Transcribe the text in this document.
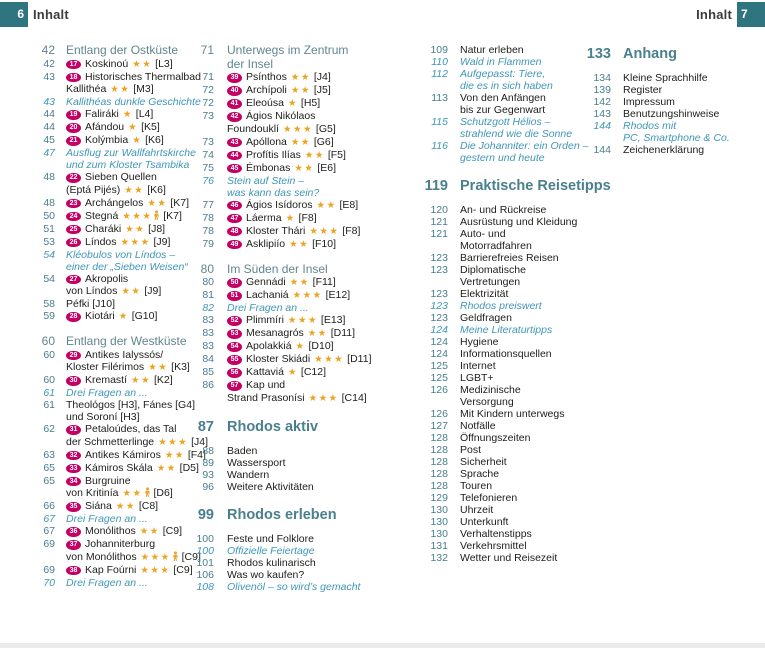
6 Inhalt	Inhalt 7
42 Entlang der Ostküste
42	17 Koskinoú ★★ [L3]
43	18 Historisches Thermalbad
Kallithéa ★★ [M3]
43 Kallithéas dunkle Geschichte
44	19 Faliráki ★ [L4]
44	20 Afándou ★ [K5]
45	21 Kolýmbia ★ [K6]
47 Ausflug zur Wallfahrtskirche
und zum Kloster Tsambika
48	22 Sieben Quellen
(Eptá Pijés) ★★ [K6]
48	23 Archángelos ★★ [K7]
50	24 Stegná ★★★ [K7]
51	25 Charáki ★★ [J8]
53	26 Líndos ★★★ [J9]
54 Kléobulos von Líndos –
einer der „Sieben Weisen“
54	27 Akropolis
von Líndos ★★ [J9]
58 Péfki [J10]
59	28 Kiotári ★ [G10]
60 Entlang der Westküste
60	29 Antikes Ialyssós/
Kloster Filérimos ★★ [K3]
60	30 Kremastí ★★ [K2]
61 Drei Fragen an ...
61 Theológos [H3], Fánes [G4]
und Soroní [H3]
62	31 Petaloúdes, das Tal
der Schmetterlinge ★★★ [J4]
63	32 Antikes Kámiros ★★ [F4]
65	33 Kámiros Skála ★★ [D5]
65	34 Burgruine
von Kritinía ★★ [D6]
66	35 Siána ★★ [C8]
67 Drei Fragen an ...
67	36 Monólithos ★★ [C9]
69	37 Johanniterburg
von Monólithos ★★★ [C9]
69	38 Kap Foúrni ★★★ [C9]
70 Drei Fragen an ...
71 Unterwegs im Zentrum
der Insel
71	39 Psínthos ★★ [J4]
72	40 Archípoli ★★ [J5]
72	41 Eleoúsa ★ [H5]
73	42 Ágios Nikólaos
Foundouklí ★★★ [G5]
73	43 Apóllona ★★ [G6]
74	44 Profítis Ilías ★★ [F5]
75	45 Émbonas ★★ [E6]
76 Stein auf Stein –
was kann das sein?
77	46 Ágios Isídoros ★★ [E8]
78	47 Láerma ★ [F8]
78	48 Kloster Thári ★★★ [F8]
79	49 Asklipiío ★★ [F10]
80 Im Süden der Insel
80	50 Gennádi ★★ [F11]
81	51 Lachaniá ★★★ [E12]
82 Drei Fragen an ...
83	52 Plimmíri ★★★ [E13]
83	53 Mesanagrós ★★ [D11]
83	54 Apolakkiá ★ [D10]
84	55 Kloster Skiádi ★★★ [D11]
85	56 Kattaviá ★ [C12]
86	57 Kap und
Strand Prasonísi ★★★ [C14]
87 Rhodos aktiv
88 Baden
89 Wassersport
93 Wandern
96 Weitere Aktivitäten
99 Rhodos erleben
100 Feste und Folklore
100 Offizielle Feiertage
101 Rhodos kulinarisch
106 Was wo kaufen?
108 Olivenöl – so wird’s gemacht
109 Natur erleben
110 Wald in Flammen
112 Aufgepasst: Tiere,
die es in sich haben
113 Von den Anfängen
bis zur Gegenwart
115 Schutzgott Hélios –
strahlend wie die Sonne
116 Die Johanniter: ein Orden –
gestern und heute
119 Praktische Reisetipps
120 An- und Rückreise
121 Ausrüstung und Kleidung
121 Auto- und
Motorradfahren
123 Barrierefreies Reisen
123 Diplomatische
Vertretungen
123 Elektrizität
123 Rhodos preiswert
123 Geldfragen
124 Meine Literaturtipps
124 Hygiene
124 Informationsquellen
125 Internet
125 LGBT+
126 Medizinische
Versorgung
126 Mit Kindern unterwegs
127 Notfälle
128 Öffnungszeiten
128 Post
128 Sicherheit
128 Sprache
128 Touren
129 Telefonieren
130 Uhrzeit
130 Unterkunft
130 Verhaltenstipps
131 Verkehrsmittel
132 Wetter und Reisezeit
133 Anhang
134 Kleine Sprachhilfe
139 Register
142 Impressum
143 Benutzungshinweise
144 Rhodos mit
PC, Smartphone & Co.
144 Zeichenerklärung
